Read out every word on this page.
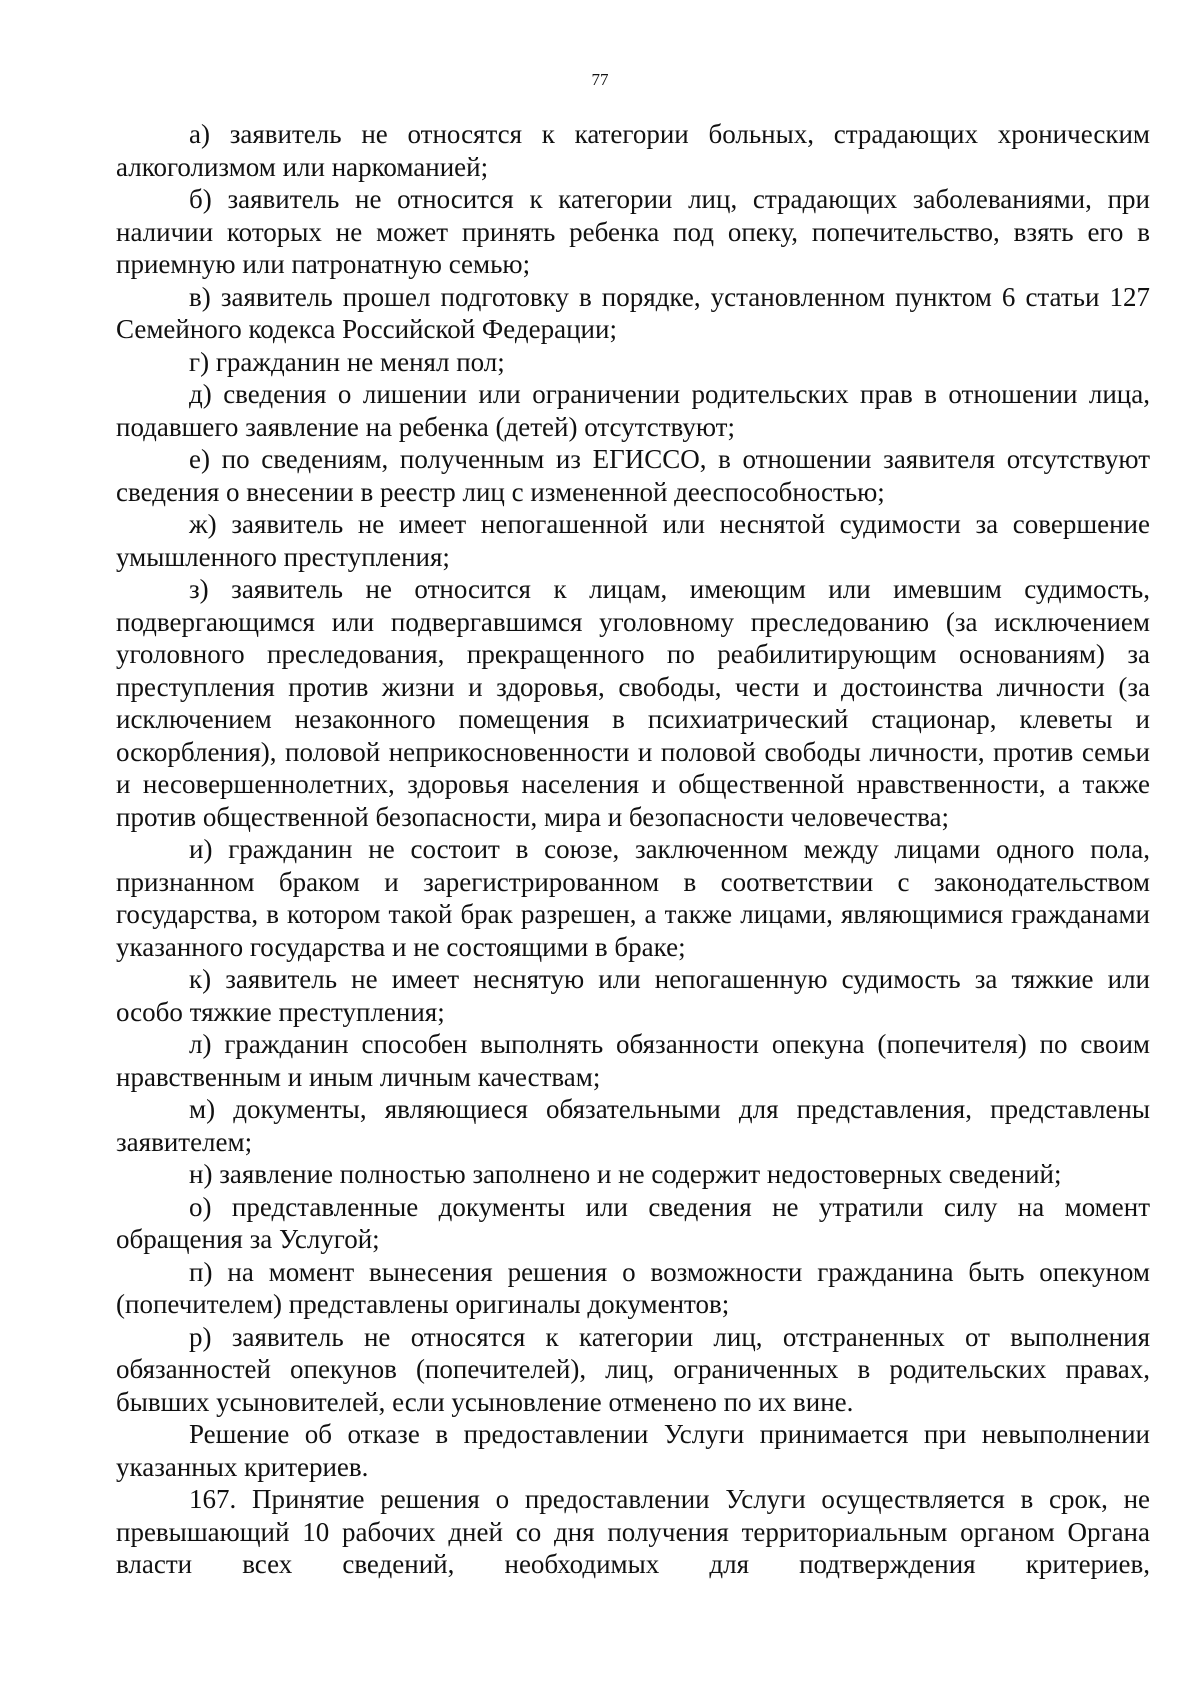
77

а) заявитель не относятся к категории больных, страдающих хроническим алкоголизмом или наркоманией;

б) заявитель не относится к категории лиц, страдающих заболеваниями, при наличии которых не может принять ребенка под опеку, попечительство, взять его в приемную или патронатную семью;

в) заявитель прошел подготовку в порядке, установленном пунктом 6 статьи 127 Семейного кодекса Российской Федерации;

г) гражданин не менял пол;

д) сведения о лишении или ограничении родительских прав в отношении лица, подавшего заявление на ребенка (детей) отсутствуют;

е) по сведениям, полученным из ЕГИССО, в отношении заявителя отсутствуют сведения о внесении в реестр лиц с измененной дееспособностью;

ж) заявитель не имеет непогашенной или неснятой судимости за совершение умышленного преступления;

з) заявитель не относится к лицам, имеющим или имевшим судимость, подвергающимся или подвергавшимся уголовному преследованию (за исключением уголовного преследования, прекращенного по реабилитирующим основаниям) за преступления против жизни и здоровья, свободы, чести и достоинства личности (за исключением незаконного помещения в психиатрический стационар, клеветы и оскорбления), половой неприкосновенности и половой свободы личности, против семьи и несовершеннолетних, здоровья населения и общественной нравственности, а также против общественной безопасности, мира и безопасности человечества;

и) гражданин не состоит в союзе, заключенном между лицами одного пола, признанном браком и зарегистрированном в соответствии с законодательством государства, в котором такой брак разрешен, а также лицами, являющимися гражданами указанного государства и не состоящими в браке;

к) заявитель не имеет неснятую или непогашенную судимость за тяжкие или особо тяжкие преступления;

л) гражданин способен выполнять обязанности опекуна (попечителя) по своим нравственным и иным личным качествам;

м) документы, являющиеся обязательными для представления, представлены заявителем;

н) заявление полностью заполнено и не содержит недостоверных сведений;

о) представленные документы или сведения не утратили силу на момент обращения за Услугой;

п) на момент вынесения решения о возможности гражданина быть опекуном (попечителем) представлены оригиналы документов;

р) заявитель не относятся к категории лиц, отстраненных от выполнения обязанностей опекунов (попечителей), лиц, ограниченных в родительских правах, бывших усыновителей, если усыновление отменено по их вине.

Решение об отказе в предоставлении Услуги принимается при невыполнении указанных критериев.

167. Принятие решения о предоставлении Услуги осуществляется в срок, не превышающий 10 рабочих дней со дня получения территориальным органом Органа власти всех сведений, необходимых для подтверждения критериев,
